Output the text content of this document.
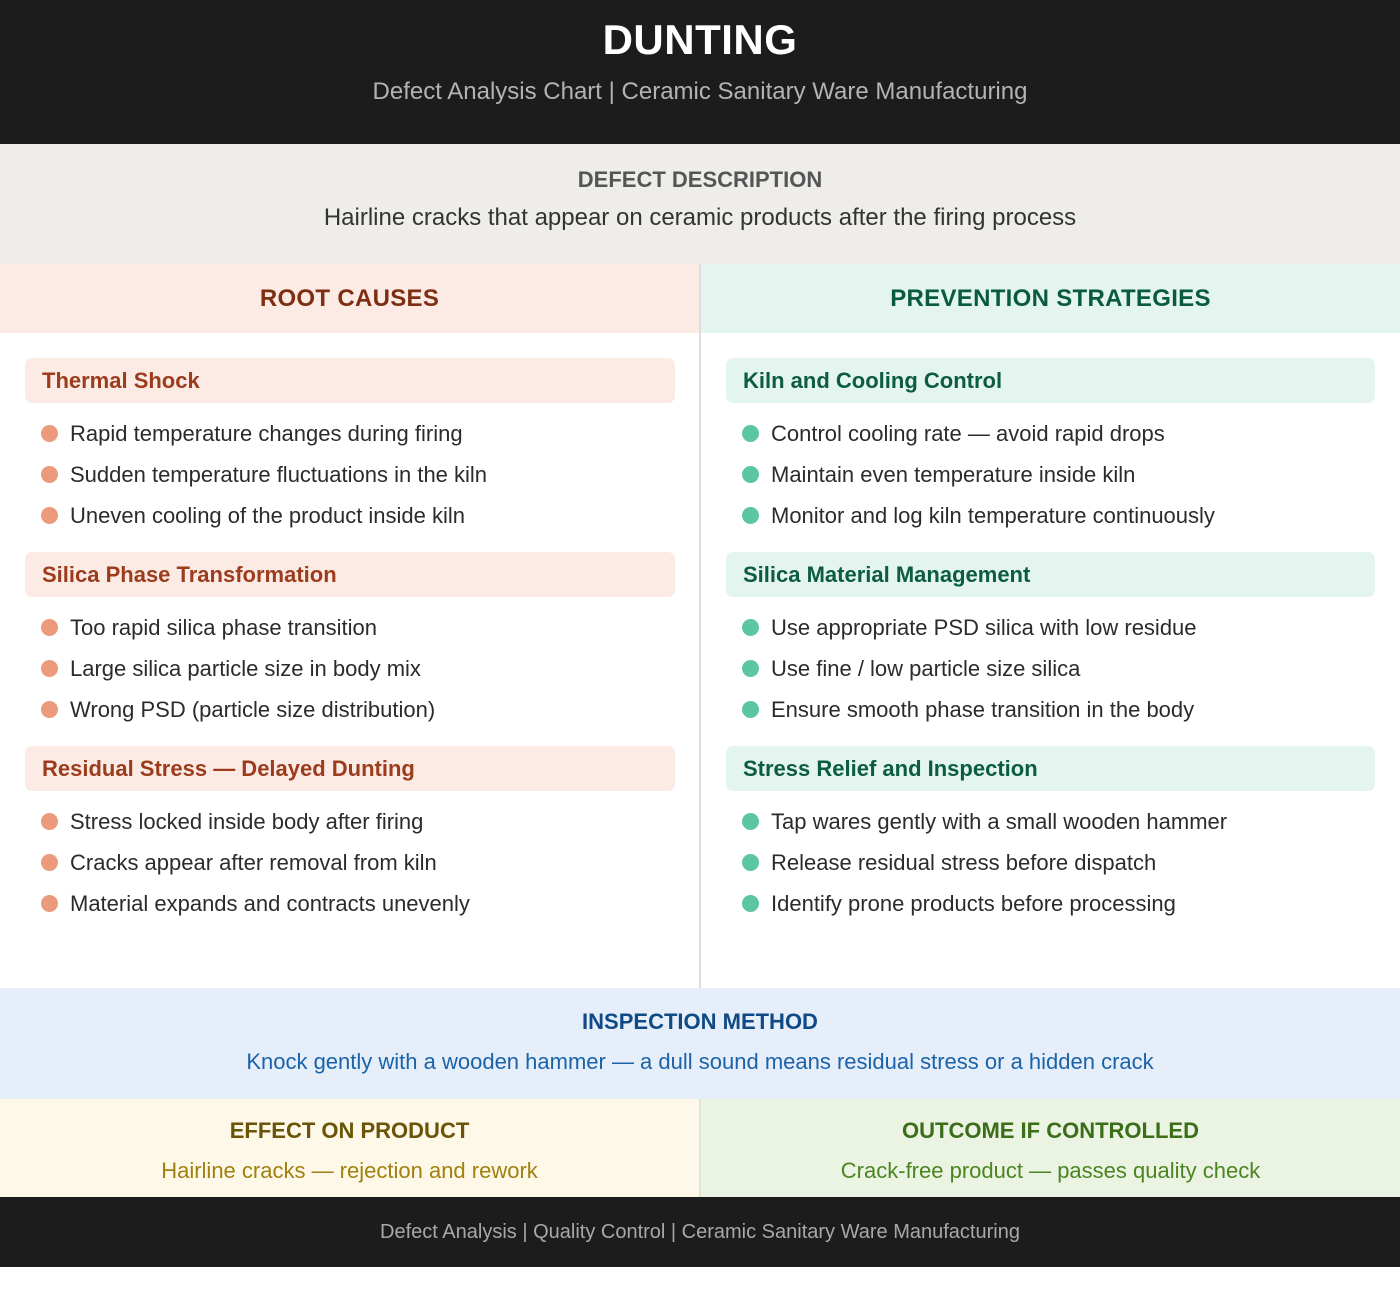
DUNTING
Defect Analysis Chart | Ceramic Sanitary Ware Manufacturing
DEFECT DESCRIPTION
Hairline cracks that appear on ceramic products after the firing process
ROOT CAUSES
Thermal Shock
Rapid temperature changes during firing
Sudden temperature fluctuations in the kiln
Uneven cooling of the product inside kiln
Silica Phase Transformation
Too rapid silica phase transition
Large silica particle size in body mix
Wrong PSD (particle size distribution)
Residual Stress — Delayed Dunting
Stress locked inside body after firing
Cracks appear after removal from kiln
Material expands and contracts unevenly
PREVENTION STRATEGIES
Kiln and Cooling Control
Control cooling rate — avoid rapid drops
Maintain even temperature inside kiln
Monitor and log kiln temperature continuously
Silica Material Management
Use appropriate PSD silica with low residue
Use fine / low particle size silica
Ensure smooth phase transition in the body
Stress Relief and Inspection
Tap wares gently with a small wooden hammer
Release residual stress before dispatch
Identify prone products before processing
INSPECTION METHOD
Knock gently with a wooden hammer — a dull sound means residual stress or a hidden crack
EFFECT ON PRODUCT
Hairline cracks — rejection and rework
OUTCOME IF CONTROLLED
Crack-free product — passes quality check
Defect Analysis | Quality Control | Ceramic Sanitary Ware Manufacturing
